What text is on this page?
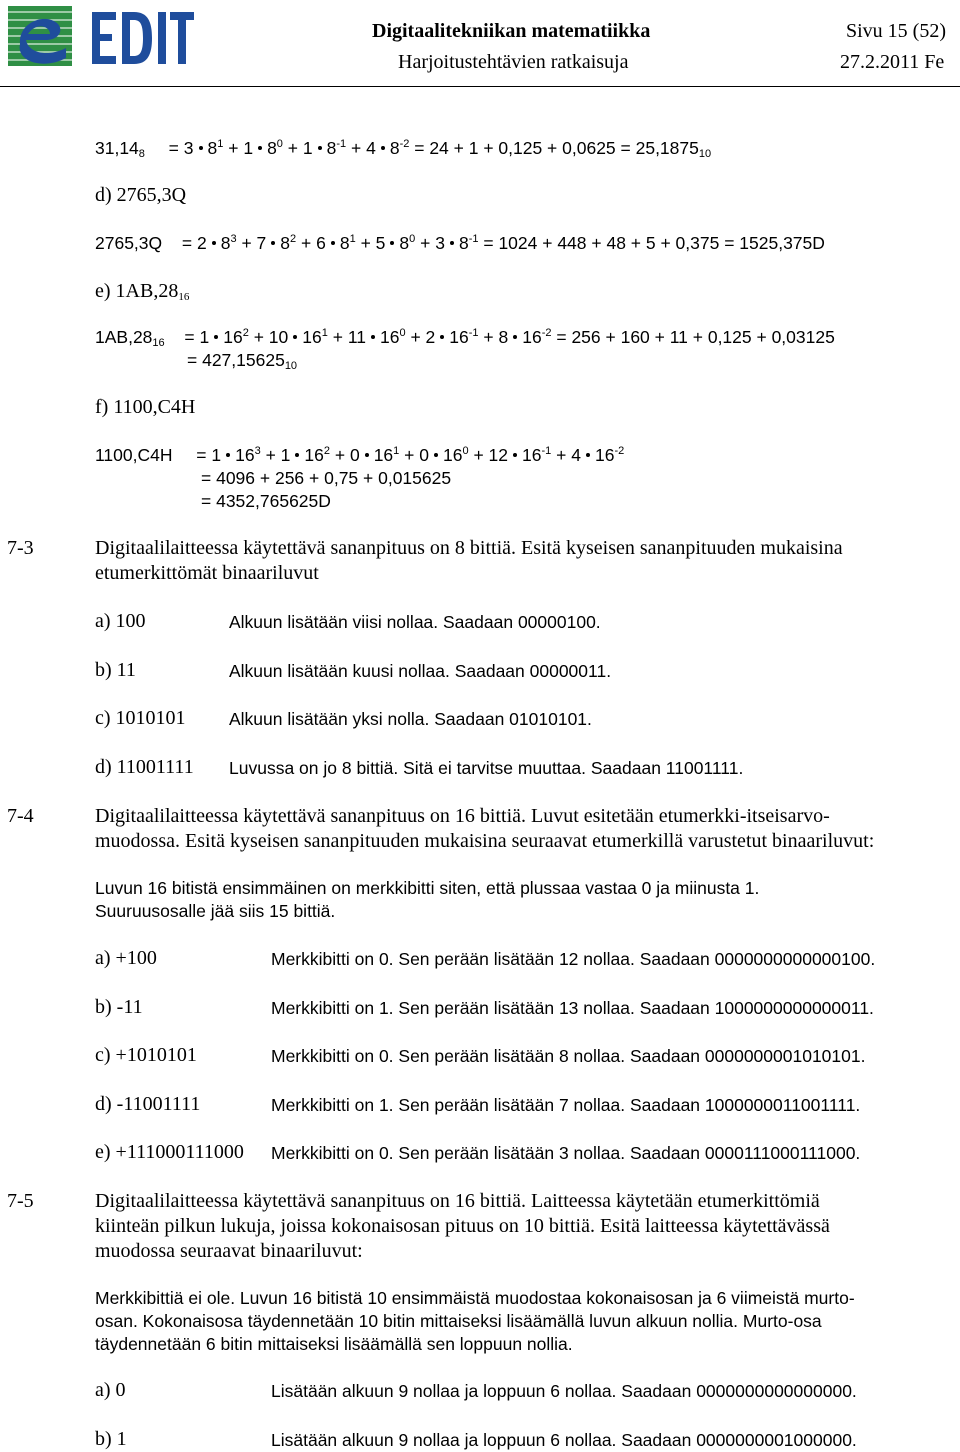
EDITA
Digitaalitekniikan matematiikka	Sivu 15 (52)
Harjoitustehtävien ratkaisuja	27.2.2011 Fe
$31,14_8 = 3$ $8^1 + 1$ $8^0 + 1$ $8^{-1} + 4$ $8^{-2} = 24 + 1 + 0,125 + 0,0625 = 25,1875_{10}$
d) 2765,3Q
2765,3Q = 2 $8^3 + 7$ $8^2 + 6$ $8^1 + 5$ $8^0 + 3$ $8^{-1} = 1024 + 448 + 48 + 5 + 0,375 = 1525,375D$
e) $1AB,28_{16}$
$1AB,28_{16} = 1$ $16^2 + 10$ $16^1 + 11$ $16^0 + 2$ $16^{-1} + 8$ $16^{-2} = 256 + 160 + 11 + 0,125 + 0,03125$
= $427,15625_{10}$
f) 1100,C4H
1100,C4H = 1 $16^3 + 1$ $16^2 + 0$ $16^1 + 0$ $16^0 + 12$ $16^{-1} + 4$ $16^{-2}$
= 4096 + 256 + 0,75 + 0,015625
= 4352,765625D
7-3	Digitaalilaitteessa käytettävä sananpituus on 8 bittiä. Esitä kyseisen sananpituuden mukaisina
etumerkittömät binaariluvut
a) 100	Alkuun lisätään viisi nollaa. Saadaan 00000100.
b) 11	Alkuun lisätään kuusi nollaa. Saadaan 00000011.
c) 1010101 Alkuun lisätään yksi nolla. Saadaan 01010101.
d) 11001111 Luvussa on jo 8 bittiä. Sitä ei tarvitse muuttaa. Saadaan 11001111.
7-4	Digitaalilaitteessa käytettävä sananpituus on 16 bittiä. Luvut esitetään etumerkki-itseisarvo-
muodossa. Esitä kyseisen sananpituuden mukaisina seuraavat etumerkillä varustetut binaariluvut:
Luvun 16 bitistä ensimmäinen on merkkibitti siten, että plussaa vastaa 0 ja miinusta 1.
Suuruusosalle jää siis 15 bittiä.
a) +100	Merkkibitti on 0. Sen perään lisätään 12 nollaa. Saadaan 0000000000000100.
b) -11	Merkkibitti on 1. Sen perään lisätään 13 nollaa. Saadaan 1000000000000011.
c) +1010101	Merkkibitti on 0. Sen perään lisätään 8 nollaa. Saadaan 0000000001010101.
d) -11001111	Merkkibitti on 1. Sen perään lisätään 7 nollaa. Saadaan 1000000011001111.
e) +111000111000 Merkkibitti on 0. Sen perään lisätään 3 nollaa. Saadaan 0000111000111000.
7-5	Digitaalilaitteessa käytettävä sananpituus on 16 bittiä. Laitteessa käytetään etumerkittömiä
kiinteän pilkun lukuja, joissa kokonaisosan pituus on 10 bittiä. Esitä laitteessa käytettävässä
muodossa seuraavat binaariluvut:
Merkkibittiä ei ole. Luvun 16 bitistä 10 ensimmäistä muodostaa kokonaisosan ja 6 viimeistä murto-
osan. Kokonaisosa täydennetään 10 bitin mittaiseksi lisäämällä luvun alkuun nollia. Murto-osa
täydennetään 6 bitin mittaiseksi lisäämällä sen loppuun nollia.
a) 0	Lisätään alkuun 9 nollaa ja loppuun 6 nollaa. Saadaan 0000000000000000.
b) 1	Lisätään alkuun 9 nollaa ja loppuun 6 nollaa. Saadaan 0000000001000000.
